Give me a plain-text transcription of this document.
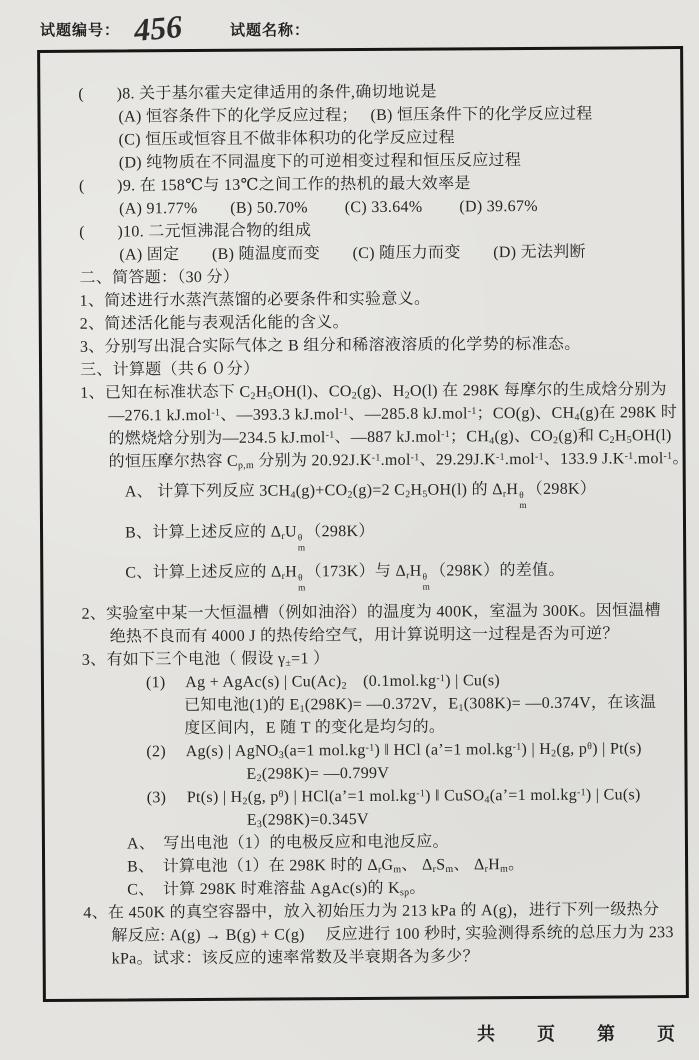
试题编号： 456	试题名称：
(　　)8. 关于基尔霍夫定律适用的条件,确切地说是
(A) 恒容条件下的化学反应过程；　 (B) 恒压条件下的化学反应过程
(C) 恒压或恒容且不做非体积功的化学反应过程
(D) 纯物质在不同温度下的可逆相变过程和恒压反应过程
(　　)9. 在 158℃与 13℃之间工作的热机的最大效率是
(A) 91.77%　　(B) 50.70%　　 (C) 33.64%　　 (D) 39.67%
(　　)10. 二元恒沸混合物的组成
(A) 固定　　(B) 随温度而变　　(C) 随压力而变　　(D) 无法判断
二、简答题：（30 分）
1、简述进行水蒸汽蒸馏的必要条件和实验意义。
2、简述活化能与表观活化能的含义。
3、分别写出混合实际气体之 B 组分和稀溶液溶质的化学势的标准态。
三、计算题（共６０分）
1、已知在标准状态下 $C_2H_5OH(l)$、$CO_2(g)$、$H_2O(l)$ 在 298K 每摩尔的生成焓分别为
—276.1 kJ.mol$^{-1}$、—393.3 kJ.mol$^{-1}$、—285.8 kJ.mol$^{-1}$；CO(g)、$CH_4(g)$在 298K 时
的燃烧焓分别为—234.5 kJ.mol$^{-1}$、—887 kJ.mol$^{-1}$；$CH_4(g)$、$CO_2(g)$和 $C_2H_5OH(l)$
的恒压摩尔热容 $C_{p,m}$ 分别为 $20.92J.K^{-1}.mol^{-1}$、$29.29J.K^{-1}.mol^{-1}$、133.9 $J.K^{-1}.mol^{-1}$。
A、 计算下列反应 $3CH_4(g)+CO_2(g)=2$ $C_2H_5OH(l)$ 的 $\Delta_rH$ θ
m
（298K）
B、计算上述反应的 $\Delta_rU$ θ
m
（298K）
C、计算上述反应的 $\Delta_rH$ θ
m
（173K）与 $\Delta_rH$ θ
m
（298K）的差值。
2、实验室中某一大恒温槽（例如油浴）的温度为 400K，室温为 300K。因恒温槽
绝热不良而有 4000 J 的热传给空气，用计算说明这一过程是否为可逆？
3、有如下三个电池（ 假设 $\gamma_\pm=1$ ）
(1)　 Ag + AgAc(s) | $Cu(Ac)_2$　$(0.1mol.kg^{-1})$ | Cu(s)
已知电池(1)的 $E_1(298K)=$ —0.372V，$E_1(308K)=$ —0.374V，在该温
度区间内，E 随 T 的变化是均匀的。
(2)　 Ag(s) | AgNO$_3$(a=1 $mol.kg^{-1}$) ‖ HCl (a’=1 $mol.kg^{-1}$) | $H_2(g$, $p^\theta$) | Pt(s)
$E_2(298K)=$ —0.799V
(3)　 Pt(s) | $H_2(g$, $p^\theta$) | HCl(a’=1 $mol.kg^{-1}$) ‖ CuSO$_4$(a’=1 $mol.kg^{-1}$) | Cu(s)
$E_3(298K)=0.345V$
A、　写出电池（1）的电极反应和电池反应。
B、　计算电池（1）在 298K 时的 $\Delta_rG_m$、 $\Delta_rS_m$、 $\Delta_rH_m$。
C、　计算 298K 时难溶盐 AgAc(s)的 $K_{sp}$。
4、在 450K 的真空容器中，放入初始压力为 213 kPa 的 A(g)，进行下列一级热分
解反应: A(g) → B(g) + C(g)　 反应进行 100 秒时, 实验测得系统的总压力为 233
kPa。试求：该反应的速率常数及半衰期各为多少？
共　　页　　第　　页
